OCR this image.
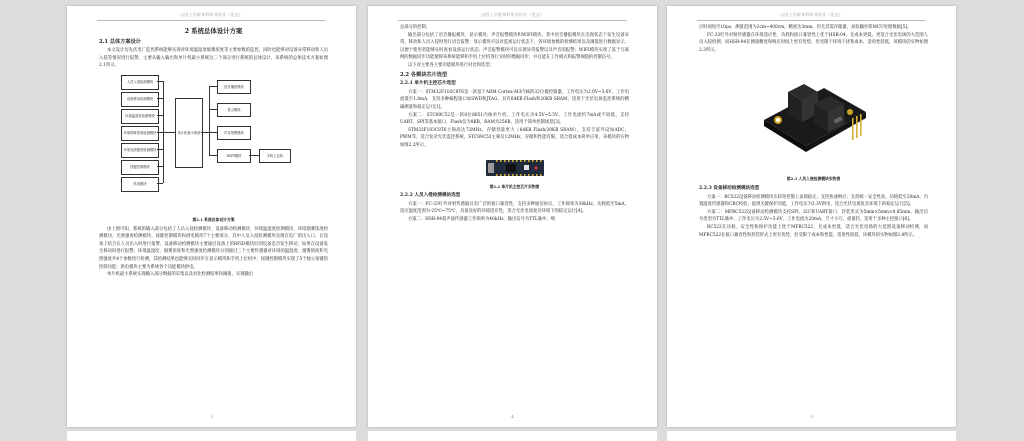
山西工学院本科毕业设计（论文）
2 系统总体设计方案
2.1 总体方案设计

本文设计历先伏电厂监控系统能够实现对环境温湿度烟雾浓度等主要参数的监控，同时也能够对设备异常移动和人员入侵等情况进行报警，主要从输入输出和单片机最小系统这三个部分进行系统的总体设计，该系统的总体技术方案如图2.1所示。

人员入侵检测模块
设备移动检测模块
环境温湿度检测模块
环境烟雾浓度检测模块
环境光照强度检测模块
按键控制模块
供电模块
单片机最小系统
语音播报模块
显示模块
声音报警模块
WIFI模块	手机上位机
图2.1 系统总体设计方案

由上图可知，系统的输入部分包括了人员入侵检测模块、设备移动检测模块、环境温湿度检测模块、环境烟雾浓度检测模块、光照强度检测模块、按键控制模块和供电模块7个主要部分，其中人员入侵检测模块实现在电厂的出入口，在设备上结合在人员出入时进行报警，设备移动检测模块主要通过设备上的RFID模块识别设备是否发生移动，如果在设备发生移动时进行报警；环境温湿度、烟雾浓度和光照强度检测模块分别通过三个主要传感器对环境的温湿度、烟雾浓度和光照强度共4个参数进行检测，其检测结果也能够实时同步在显示模块和手机上位机中；按键控制模块实现了5个独立按键的控制功能；供电模块主要为系统各个功能模块供电。

单片机最小系统实现输入部分数据的采集以及对比检测结果和阈值，实现输出

3
山西工学院本科毕业设计（论文）

总部分的控制。

输出部分包括了语音播报模块、显示模块、声音报警模块和WIFI模块，其中语音播报模块在出现状态下发生设备异常、移动和人员入侵时进行语音报警；显示模块可以对监视运行状态下，各环境参数的检测结果以及阈值进行数据显示，以便于使用者能够实时查看设备运行状态；声音报警模块可以实现异常报警以及声音的报警；WIFI模块实现了基于互联网的数据同步功能使得该系统能够和手机上位机进行实时的数据同步，并且能在工作模式和报警阈值的控制信号。

以下对主要各主要功能模块进行对比和选型。

2.2 各模块芯片选型
2.2.1 单片机主控芯片选型

方案一：STM32F103C8T6是一款基于ARM Cortex-M3内核的32位微控制器，工作电压为2.0V~3.6V，工作电流低至1.8mA，支持多种编程接口如SWD和JTAG，具有64KB Flash和20KB SRAM，适用于光伏电场监控系统的精确测量和稳定运行[1]。

方案二：STC89C52是一款8位8051内核单片机，工作电压为4.5V~5.5V，工作电流约7mA或不较低，支持UART、SPI等基本接口，Flash仅为8KB，RAM为256B，适用于简单控制场景[3]。

STM32F103C8T6主频高达72MHz，存储容量更大（64KB Flash/20KB SRAM），支持丰富外设如ADC、PWM等，适合复杂光伏监控系统，STC89C52主频仅12MHz，存储和性能有限，适合低成本简单应用，该模块的实物如图2.2所示。

图2.2 单片机主控芯片实物图
2.2.2 人员入侵检测模块选型

方案一：FC-33红外对射传感器具有广泛的接口兼容性，支持多种通信协议，工作频率为38kHz，功耗低至5mA，适应温度范围为-25℃~75℃，具备良好的环境适应性，适合光伏电场复杂环境下的稳定运行[4]。

方案二：HSR-04超声波传感器工作频率为40kHz，输出信号为TTL脉冲，响

4
山西工学院本科毕业设计（论文）

应时间短至10μs，测量范围为2cm~400cm，精度达3mm，但尤其需存储器，易软耦扑影MCU处理数据[5]。

FC-33红外对射传感器在环境适应性、功耗和接口兼容性上优于HSR-04，且成本更低，更适合光伏电场的大范围人员入侵检测，而HSR-04在测量精度和响应时间上更有优势，但受限于环境干扰和成本，适用性较低，该模块的实物如图2.3所示。

图2.3 人员入侵检测模块实物图
2.2.3 设备移动检测模块选型

方案一：RC522设备移动检测模块在转矩控制上表现稳定，支持快速响应；支持统一安全性高，功耗低至20mA，内置温度传感器和CRC校验，提供关键保护功能，工作电压为3.3V供电，适合光伏电场复杂环境下的稳定运行[5]。

方案二：MFRC522设备移动检测模块支持SPI、I2C和UART接口，封装形式为5mm×5mm×0.85mm，输出信号类型为TTL脉冲，工作电压为2.5V~3.6V，工作电流为20mA，尺寸小巧，重量轻，适用于多种主控接口[6]。

RC522在功耗、安全性和保护功能上优于MFRC522，且成本更低，适合光伏电场的大范围设备移动检测，而MFRC522在接口兼容性和封装形式上更有优势，但受限于成本和性能，适用性较低，该模块的实物如图2.4所示。

5
